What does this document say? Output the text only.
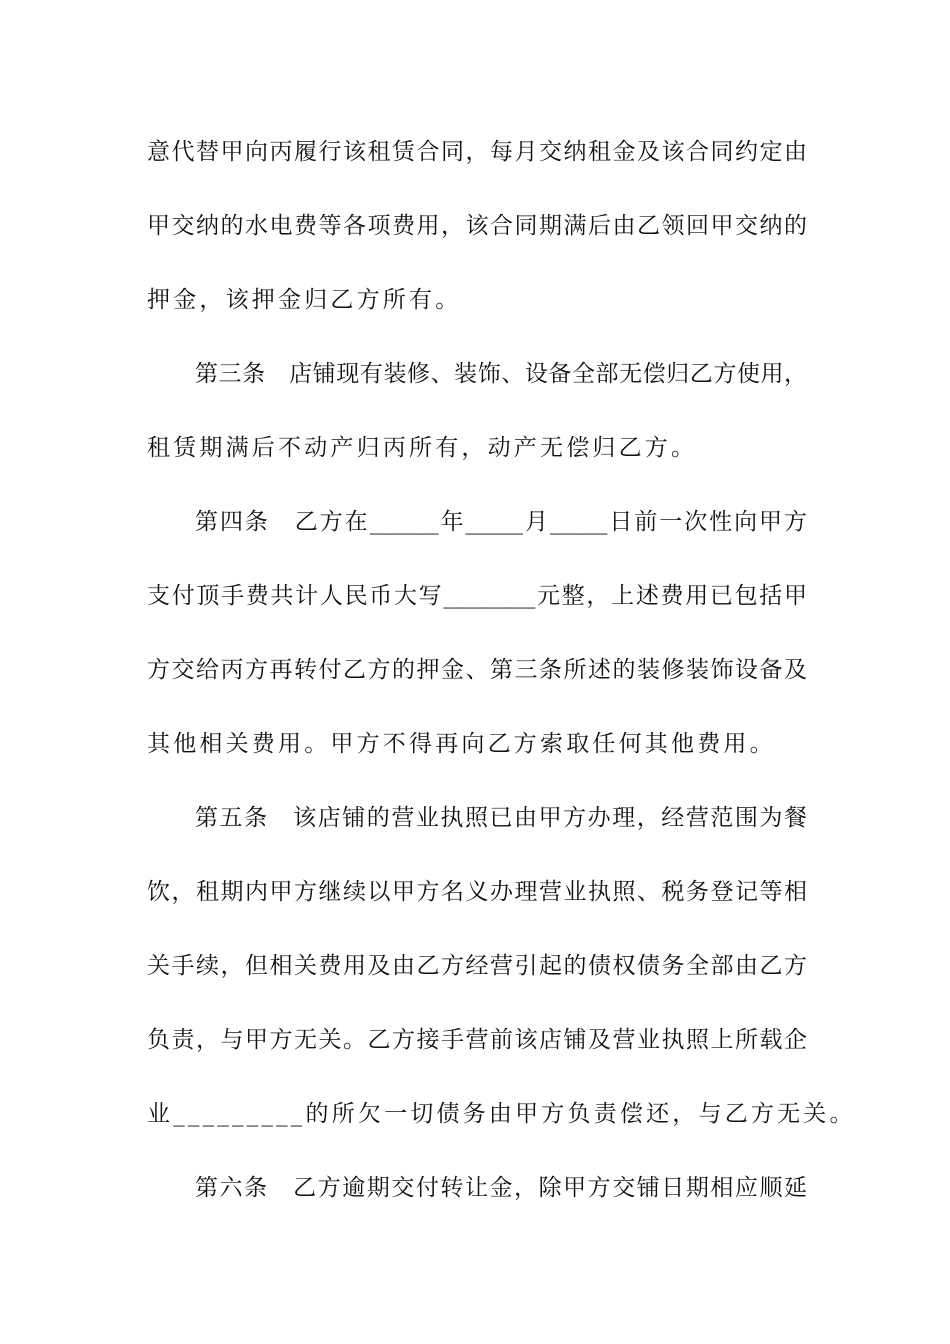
意代替甲向丙履行该租赁合同，每月交纳租金及该合同约定由
甲交纳的水电费等各项费用，该合同期满后由乙领回甲交纳的
押金，该押金归乙方所有。
第三条　店铺现有装修、装饰、设备全部无偿归乙方使用，
租赁期满后不动产归丙所有，动产无偿归乙方。
第四条　乙方在______年_____月_____日前一次性向甲方
支付顶手费共计人民币大写________元整，上述费用已包括甲
方交给丙方再转付乙方的押金、第三条所述的装修装饰设备及
其他相关费用。甲方不得再向乙方索取任何其他费用。
第五条　该店铺的营业执照已由甲方办理，经营范围为餐
饮，租期内甲方继续以甲方名义办理营业执照、税务登记等相
关手续，但相关费用及由乙方经营引起的债权债务全部由乙方
负责，与甲方无关。乙方接手营前该店铺及营业执照上所载企
业_________的所欠一切债务由甲方负责偿还，与乙方无关。
第六条　乙方逾期交付转让金，除甲方交铺日期相应顺延
